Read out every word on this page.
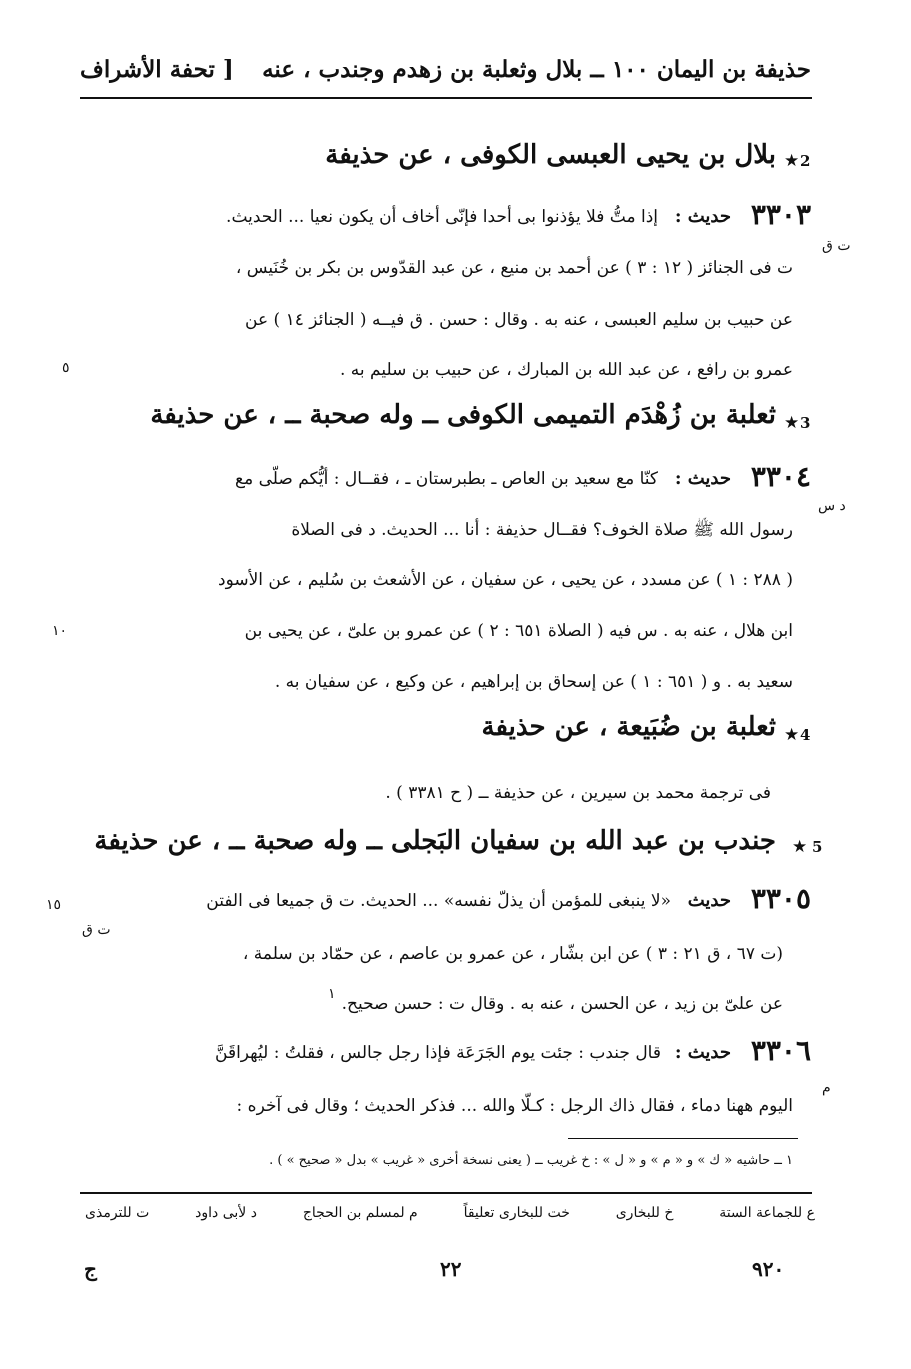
حذيفة بن اليمان ١٠٠ ــ بلال وثعلبة بن زهدم وجندب ، عنه
[ تحفة الأشراف
2
★
بلال بن يحيى العبسى الكوفى ، عن حذيفة
٣٣٠٣
حديث :
إذا متُّ فلا يؤذنوا بى أحدا فإنّى أخاف أن يكون نعيا ... الحديث.
ت ق
ت فى الجنائز ( ١٢ : ٣ ) عن أحمد بن منيع ، عن عبد القدّوس بن بكر بن خُنَيس ،
عن حبيب بن سليم العبسى ، عنه به . وقال : حسن . ق فيــه ( الجنائز ١٤ ) عن
عمرو بن رافع ، عن عبد الله بن المبارك ، عن حبيب بن سليم به .
٥
3
★
ثعلبة بن زُهْدَم التميمى الكوفى ــ وله صحبة ــ ، عن حذيفة
٣٣٠٤
حديث :
كنّا مع سعيد بن العاص ـ بطبرستان ـ ، فقــال : أيُّكم صلّى مع
د س
رسول الله ﷺ صلاة الخوف؟ فقــال حذيفة : أنا ... الحديث. د فى الصلاة
( ٢٨٨ : ١ ) عن مسدد ، عن يحيى ، عن سفيان ، عن الأشعث بن سُليم ، عن الأسود
ابن هلال ، عنه به . س فيه ( الصلاة ٦٥١ : ٢ ) عن عمرو بن علىّ ، عن يحيى بن
١٠
سعيد به . و ( ٦٥١ : ١ ) عن إسحاق بن إبراهيم ، عن وكيع ، عن سفيان به .
4
★
ثعلبة بن ضُبَيعة ، عن حذيفة
فى ترجمة محمد بن سيرين ، عن حذيفة ــ ( ح ٣٣٨١ ) .
5
★
جندب بن عبد الله بن سفيان البَجلى ــ وله صحبة ــ ، عن حذيفة
٣٣٠٥
حديث
«لا ينبغى للمؤمن أن يذلّ نفسه» ... الحديث. ت ق جميعا فى الفتن
١٥
ت ق
(ت ٦٧ ، ق ٢١ : ٣ ) عن ابن بشّار ، عن عمرو بن عاصم ، عن حمّاد بن سلمة ،
عن علىّ بن زيد ، عن الحسن ، عنه به . وقال ت : حسن صحيح.
١
٣٣٠٦
حديث :
قال جندب : جئت يوم الجَرَعَة فإذا رجل جالس ، فقلتُ : ليُهراقَنَّ
م
اليوم ههنا دماء ، فقال ذاك الرجل : كـلّا والله ... فذكر الحديث ؛ وقال فى آخره :
١ ــ حاشيه « ك » و « م » و « ل » : خ غريب ــ ( يعنى نسخة أخرى « غريب » بدل « صحيح » ) .
ع للجماعة الستة
خ للبخارى
خت للبخارى تعليقاً
م لمسلم بن الحجاج
د لأبى داود
ت للترمذى
٩٢٠
٢٢
ج
